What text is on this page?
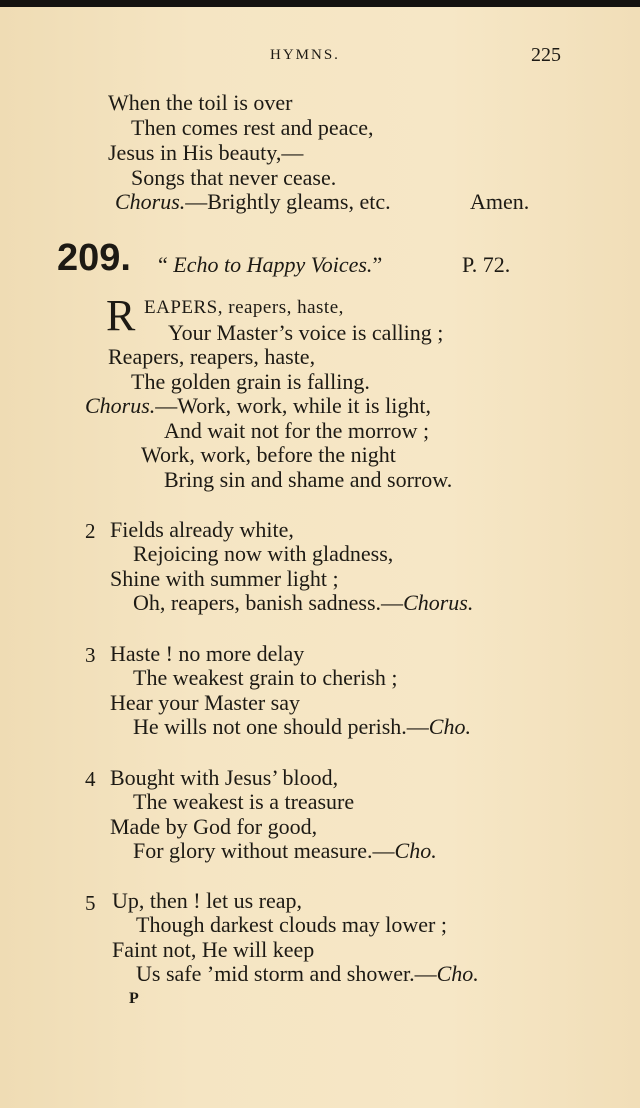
HYMNS.	225
When the toil is over
Then comes rest and peace,
Jesus in His beauty,—
Songs that never cease.
Chorus.—Brightly gleams, etc.	Amen.
209. “ Echo to Happy Voices.”	P. 72.
R EAPERS, reapers, haste,
Your Master’s voice is calling ;
Reapers, reapers, haste,
The golden grain is falling.
Chorus.—Work, work, while it is light,
And wait not for the morrow ;
Work, work, before the night
Bring sin and shame and sorrow.
2 Fields already white,
Rejoicing now with gladness,
Shine with summer light ;
Oh, reapers, banish sadness.—Chorus.
3 Haste ! no more delay
The weakest grain to cherish ;
Hear your Master say
He wills not one should perish.—Cho.
4 Bought with Jesus’ blood,
The weakest is a treasure
Made by God for good,
For glory without measure.—Cho.
5 Up, then ! let us reap,
Though darkest clouds may lower ;
Faint not, He will keep
Us safe ’mid storm and shower.—Cho.
P
